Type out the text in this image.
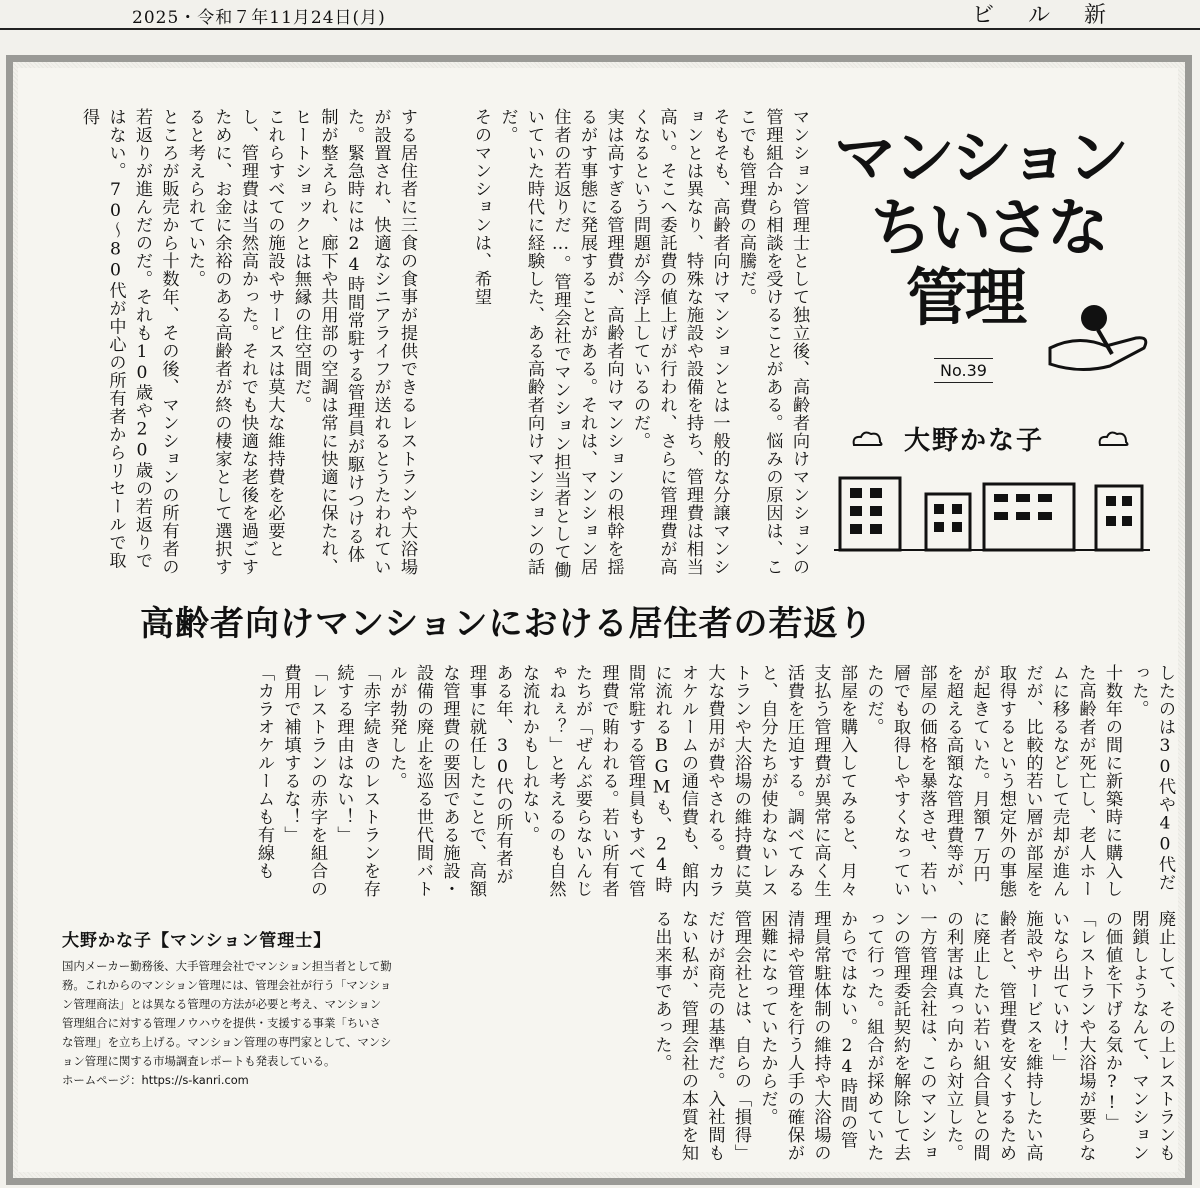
2025・令和７年11月24日(月)	ビル新

マンション管理士として独立後、高齢者向けマンションの管理組合から相談を受けることがある。悩みの原因は、ここでも管理費の高騰だ。

そもそも、高齢者向けマンションとは一般的な分譲マンションとは異なり、特殊な施設や設備を持ち、管理費は相当高い。そこへ委託費の値上げが行われ、さらに管理費が高くなるという問題が今浮上しているのだ。

実は高すぎる管理費が、高齢者向けマンションの根幹を揺るがす事態に発展することがある。それは、マンション居住者の若返りだ…。管理会社でマンション担当者として働いていた時代に経験した、ある高齢者向けマンションの話だ。

そのマンションは、希望

する居住者に三食の食事が提供できるレストランや大浴場が設置され、快適なシニアライフが送れるとうたわれていた。緊急時には24時間常駐する管理員が駆けつける体制が整えられ、廊下や共用部の空調は常に快適に保たれ、ヒートショックとは無縁の住空間だ。

これらすべての施設やサービスは莫大な維持費を必要とし、管理費は当然高かった。それでも快適な老後を過ごすために、お金に余裕のある高齢者が終の棲家として選択すると考えられていた。

ところが販売から十数年、その後、マンションの所有者の若返りが進んだのだ。それも10歳や20歳の若返りではない。70〜80代が中心の所有者からリセールで取得

マンション
ちいさな
管理
No.39
大野かな子
高齢者向けマンションにおける居住者の若返り

したのは30代や40代だった。

十数年の間に新築時に購入した高齢者が死亡し、老人ホームに移るなどして売却が進んだが、比較的若い層が部屋を取得するという想定外の事態が起きていた。月額7万円を超える高額な管理費等が、部屋の価格を暴落させ、若い層でも取得しやすくなっていたのだ。

部屋を購入してみると、月々支払う管理費が異常に高く生活費を圧迫する。調べてみると、自分たちが使わないレストランや大浴場の維持費に莫大な費用が費やされる。カラオケルームの通信費も、館内に流れるBGMも、24時間常駐する管理員もすべて管理費で賄われる。若い所有者たちが「ぜんぶ要らないんじゃねぇ？」と考えるのも自然な流れかもしれない。

ある年、30代の所有者が理事に就任したことで、高額な管理費の要因である施設・設備の廃止を巡る世代間バトルが勃発した。

「赤字続きのレストランを存続する理由はない！」

「レストランの赤字を組合の費用で補填するな！」

「カラオケルームも有線も

廃止して、その上レストランも閉鎖しようなんて、マンションの価値を下げる気か?!」

「レストランや大浴場が要らないなら出ていけ！」

施設やサービスを維持したい高齢者と、管理費を安くするために廃止したい若い組合員との間の利害は真っ向から対立した。

一方管理会社は、このマンションの管理委託契約を解除して去って行った。組合が採めていたからではない。24時間の管理員常駐体制の維持や大浴場の清掃や管理を行う人手の確保が困難になっていたからだ。

管理会社とは、自らの「損得」だけが商売の基準だ。入社間もない私が、管理会社の本質を知る出来事であった。

大野かな子【マンション管理士】
国内メーカー勤務後、大手管理会社でマンション担当者として勤務。これからのマンション管理には、管理会社が行う「マンション管理商法」とは異なる管理の方法が必要と考え、マンション管理組合に対する管理ノウハウを提供・支援する事業「ちいさな管理」を立ち上げる。マンション管理の専門家として、マンション管理に関する市場調査レポートも発表している。
ホームページ：https://s-kanri.com
